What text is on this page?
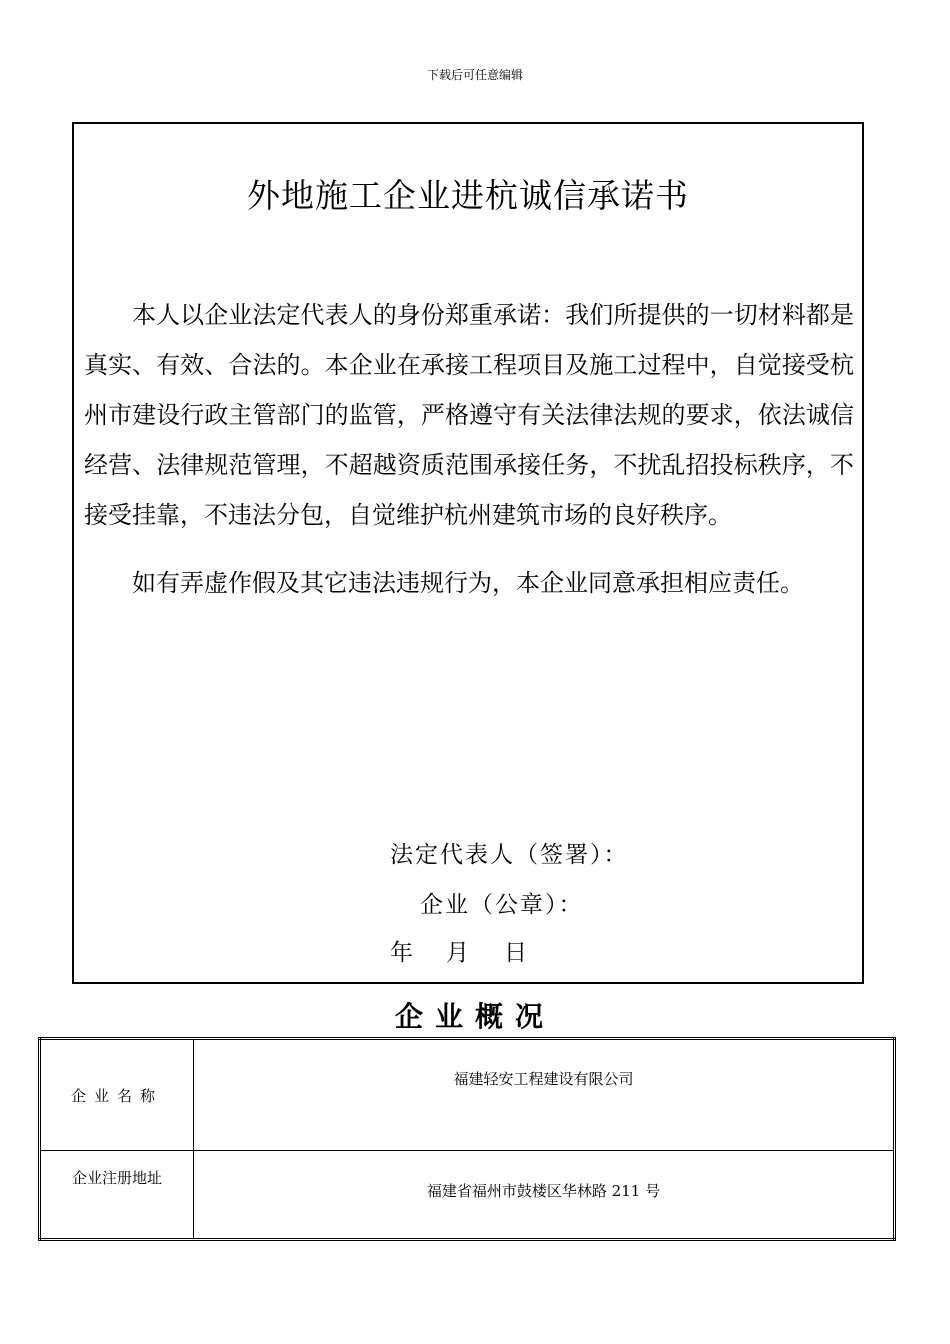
下载后可任意编辑
外地施工企业进杭诚信承诺书

本人以企业法定代表人的身份郑重承诺：我们所提供的一切材料都是真实、有效、合法的。本企业在承接工程项目及施工过程中，自觉接受杭州市建设行政主管部门的监管，严格遵守有关法律法规的要求，依法诚信经营、法律规范管理，不超越资质范围承接任务，不扰乱招投标秩序，不接受挂靠，不违法分包，自觉维护杭州建筑市场的良好秩序。

如有弄虚作假及其它违法违规行为，本企业同意承担相应责任。

法定代表人（签署）：
企业（公章）：
年	月	日
企业概况
企业名称	福建轻安工程建设有限公司
企业注册地址	福建省福州市鼓楼区华林路 211 号
